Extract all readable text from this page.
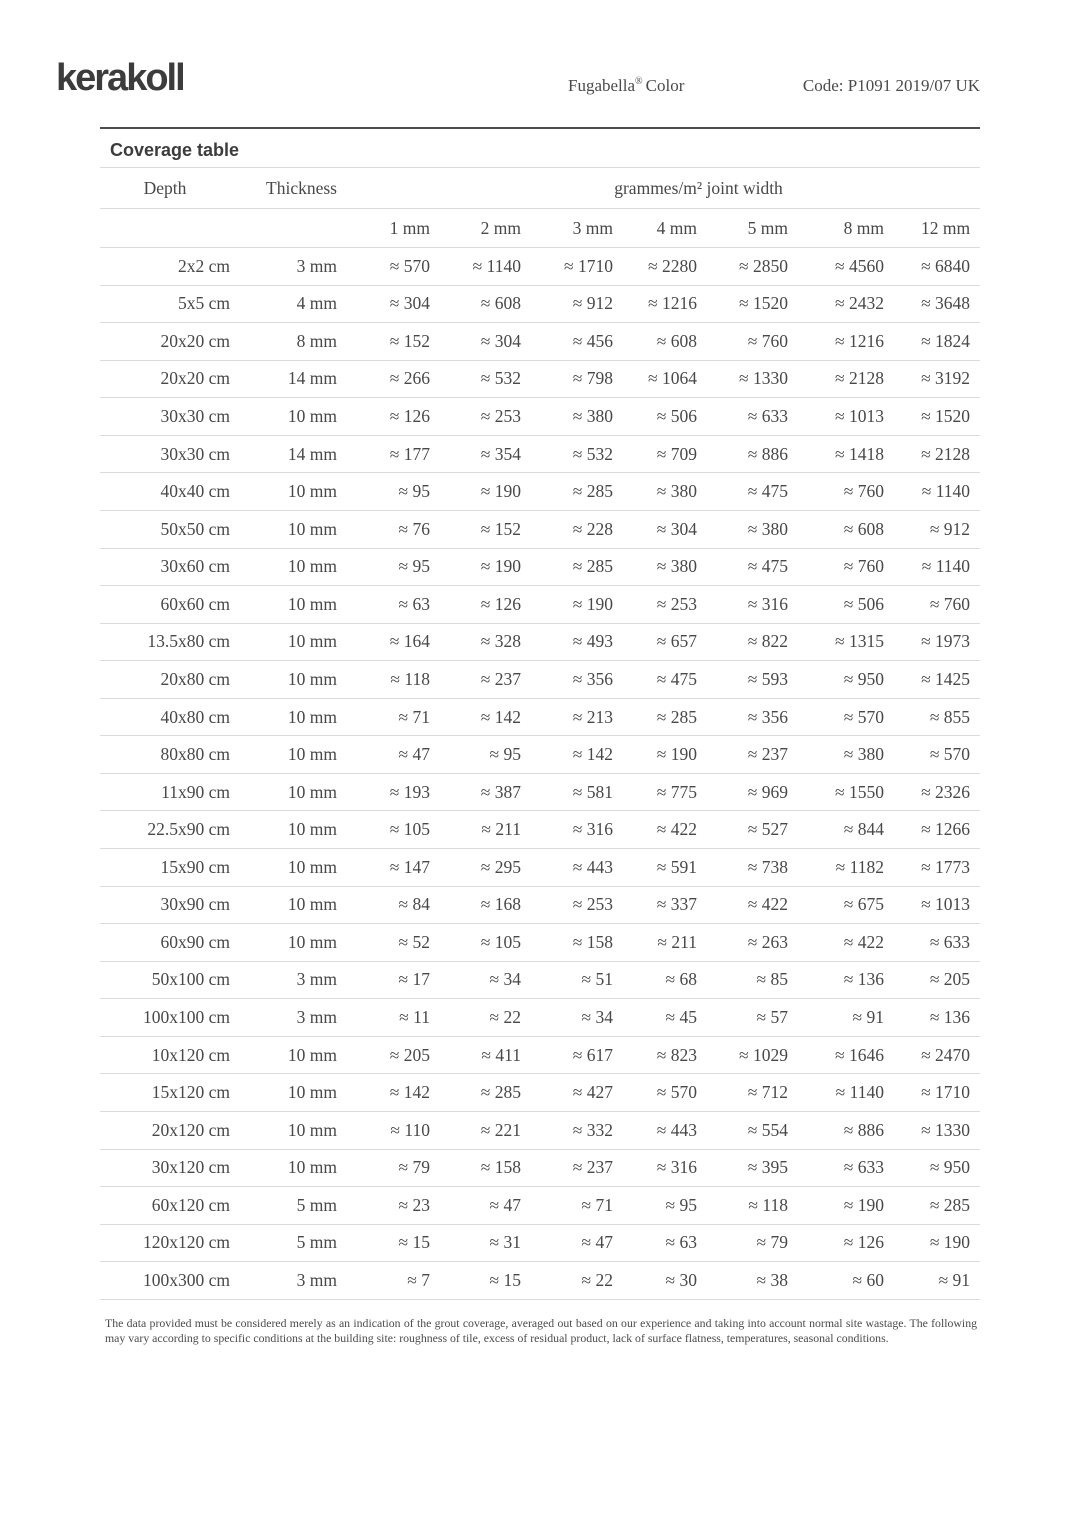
kerakoll	Fugabella® Color	Code: P1091 2019/07 UK
Coverage table
Depth	Thickness	grammes/m² joint width						
		1 mm	2 mm	3 mm	4 mm	5 mm	8 mm	12 mm
2x2 cm	3 mm	≈ 570	≈ 1140	≈ 1710	≈ 2280	≈ 2850	≈ 4560	≈ 6840
5x5 cm	4 mm	≈ 304	≈ 608	≈ 912	≈ 1216	≈ 1520	≈ 2432	≈ 3648
20x20 cm	8 mm	≈ 152	≈ 304	≈ 456	≈ 608	≈ 760	≈ 1216	≈ 1824
20x20 cm	14 mm	≈ 266	≈ 532	≈ 798	≈ 1064	≈ 1330	≈ 2128	≈ 3192
30x30 cm	10 mm	≈ 126	≈ 253	≈ 380	≈ 506	≈ 633	≈ 1013	≈ 1520
30x30 cm	14 mm	≈ 177	≈ 354	≈ 532	≈ 709	≈ 886	≈ 1418	≈ 2128
40x40 cm	10 mm	≈ 95	≈ 190	≈ 285	≈ 380	≈ 475	≈ 760	≈ 1140
50x50 cm	10 mm	≈ 76	≈ 152	≈ 228	≈ 304	≈ 380	≈ 608	≈ 912
30x60 cm	10 mm	≈ 95	≈ 190	≈ 285	≈ 380	≈ 475	≈ 760	≈ 1140
60x60 cm	10 mm	≈ 63	≈ 126	≈ 190	≈ 253	≈ 316	≈ 506	≈ 760
13.5x80 cm	10 mm	≈ 164	≈ 328	≈ 493	≈ 657	≈ 822	≈ 1315	≈ 1973
20x80 cm	10 mm	≈ 118	≈ 237	≈ 356	≈ 475	≈ 593	≈ 950	≈ 1425
40x80 cm	10 mm	≈ 71	≈ 142	≈ 213	≈ 285	≈ 356	≈ 570	≈ 855
80x80 cm	10 mm	≈ 47	≈ 95	≈ 142	≈ 190	≈ 237	≈ 380	≈ 570
11x90 cm	10 mm	≈ 193	≈ 387	≈ 581	≈ 775	≈ 969	≈ 1550	≈ 2326
22.5x90 cm	10 mm	≈ 105	≈ 211	≈ 316	≈ 422	≈ 527	≈ 844	≈ 1266
15x90 cm	10 mm	≈ 147	≈ 295	≈ 443	≈ 591	≈ 738	≈ 1182	≈ 1773
30x90 cm	10 mm	≈ 84	≈ 168	≈ 253	≈ 337	≈ 422	≈ 675	≈ 1013
60x90 cm	10 mm	≈ 52	≈ 105	≈ 158	≈ 211	≈ 263	≈ 422	≈ 633
50x100 cm	3 mm	≈ 17	≈ 34	≈ 51	≈ 68	≈ 85	≈ 136	≈ 205
100x100 cm	3 mm	≈ 11	≈ 22	≈ 34	≈ 45	≈ 57	≈ 91	≈ 136
10x120 cm	10 mm	≈ 205	≈ 411	≈ 617	≈ 823	≈ 1029	≈ 1646	≈ 2470
15x120 cm	10 mm	≈ 142	≈ 285	≈ 427	≈ 570	≈ 712	≈ 1140	≈ 1710
20x120 cm	10 mm	≈ 110	≈ 221	≈ 332	≈ 443	≈ 554	≈ 886	≈ 1330
30x120 cm	10 mm	≈ 79	≈ 158	≈ 237	≈ 316	≈ 395	≈ 633	≈ 950
60x120 cm	5 mm	≈ 23	≈ 47	≈ 71	≈ 95	≈ 118	≈ 190	≈ 285
120x120 cm	5 mm	≈ 15	≈ 31	≈ 47	≈ 63	≈ 79	≈ 126	≈ 190
100x300 cm	3 mm	≈ 7	≈ 15	≈ 22	≈ 30	≈ 38	≈ 60	≈ 91
The data provided must be considered merely as an indication of the grout coverage, averaged out based on our experience and taking into account normal site wastage. The following may vary according to specific conditions at the building site: roughness of tile, excess of residual product, lack of surface flatness, temperatures, seasonal conditions.
